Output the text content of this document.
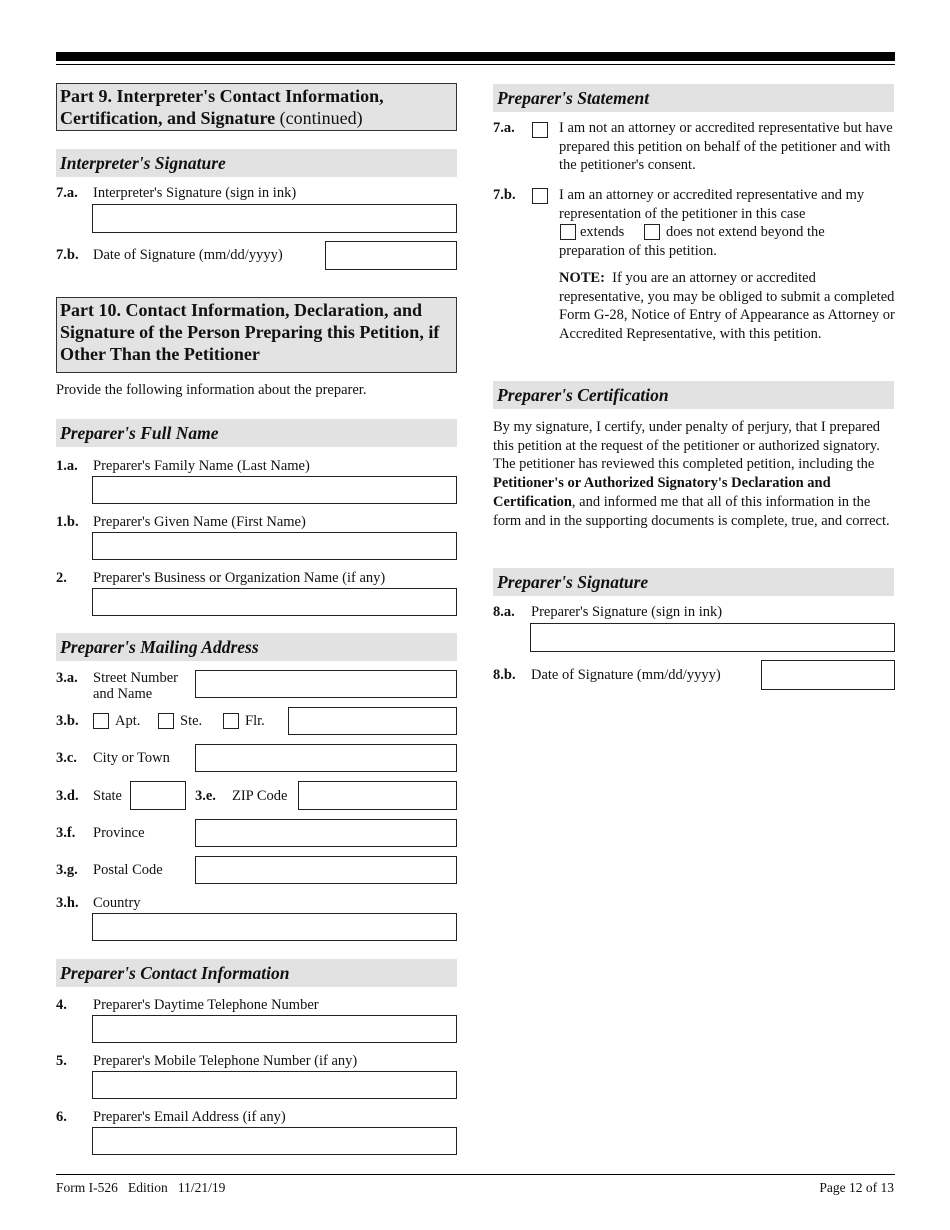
Part 9. Interpreter's Contact Information, Certification, and Signature (continued)
Interpreter's Signature
7.a. Interpreter's Signature (sign in ink)
7.b. Date of Signature (mm/dd/yyyy)
Part 10. Contact Information, Declaration, and Signature of the Person Preparing this Petition, if Other Than the Petitioner
Provide the following information about the preparer.
Preparer's Full Name
1.a. Preparer's Family Name (Last Name)
1.b. Preparer's Given Name (First Name)
2. Preparer's Business or Organization Name (if any)
Preparer's Mailing Address
3.a. Street Number
and Name
3.b.	Apt.	Ste.	Flr.
3.c. City or Town
3.d. State	3.e. ZIP Code
3.f. Province
3.g. Postal Code
3.h. Country
Preparer's Contact Information
4. Preparer's Daytime Telephone Number
5. Preparer's Mobile Telephone Number (if any)
6. Preparer's Email Address (if any)
Preparer's Statement
7.a.	I am not an attorney or accredited representative but have prepared this petition on behalf of the petitioner and with the petitioner's consent.
7.b.	I am an attorney or accredited representative and my representation of the petitioner in this case
extends	does not extend beyond the
preparation of this petition.
NOTE: If you are an attorney or accredited representative, you may be obliged to submit a completed Form G-28, Notice of Entry of Appearance as Attorney or Accredited Representative, with this petition.
Preparer's Certification
By my signature, I certify, under penalty of perjury, that I prepared this petition at the request of the petitioner or authorized signatory. The petitioner has reviewed this completed petition, including the Petitioner's or Authorized Signatory's Declaration and Certification, and informed me that all of this information in the form and in the supporting documents is complete, true, and correct.
Preparer's Signature
8.a. Preparer's Signature (sign in ink)
8.b. Date of Signature (mm/dd/yyyy)
Form I-526   Edition   11/21/19	Page 12 of 13
